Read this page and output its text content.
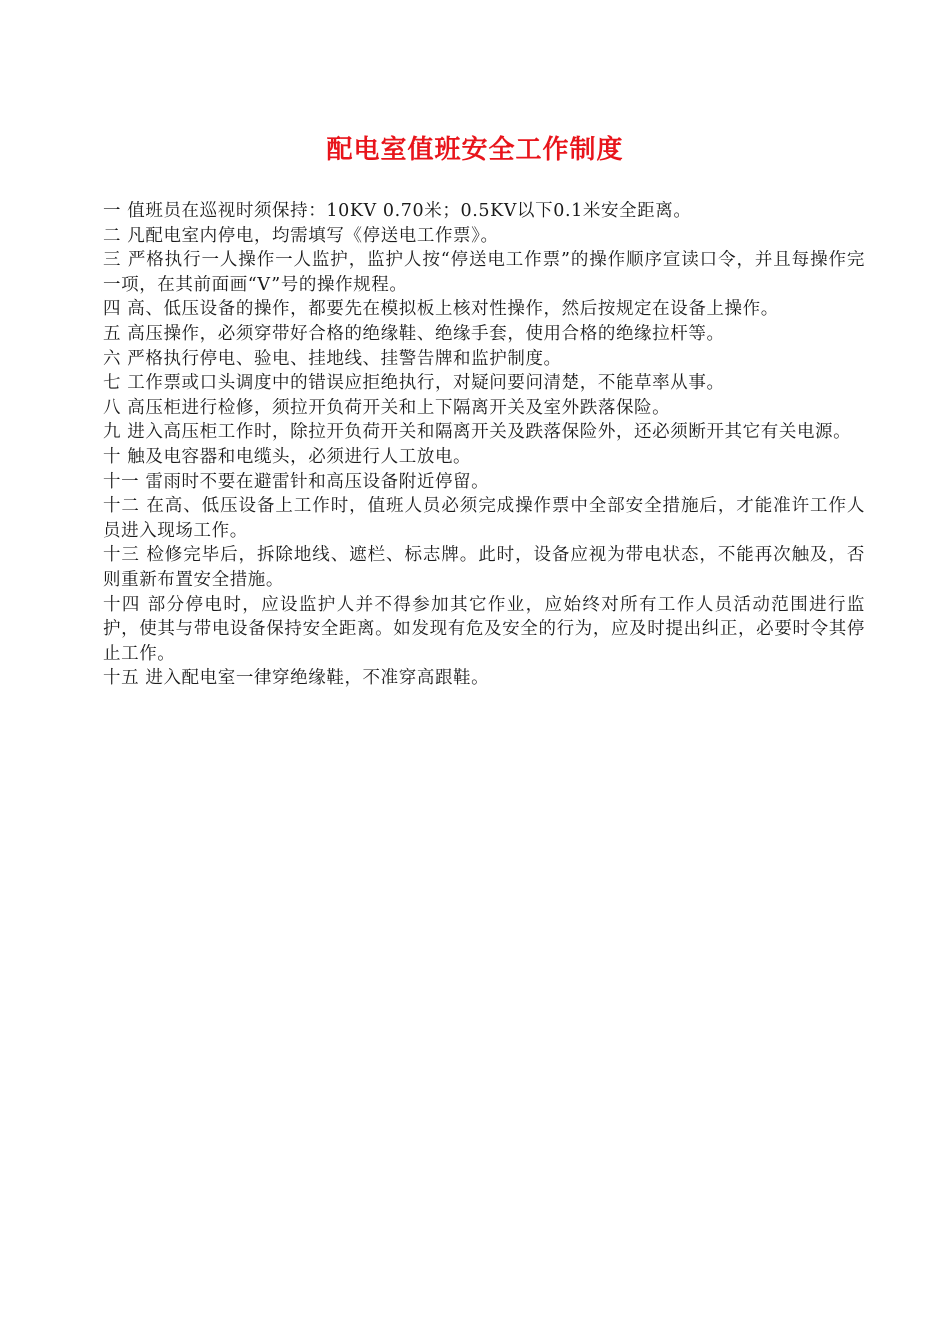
配电室值班安全工作制度

一 值班员在巡视时须保持：10KV 0.70米；0.5KV以下0.1米安全距离。

二 凡配电室内停电，均需填写《停送电工作票》。

三 严格执行一人操作一人监护，监护人按“停送电工作票”的操作顺序宣读口令，并且每操作完一项，在其前面画“V”号的操作规程。

四 高、低压设备的操作，都要先在模拟板上核对性操作，然后按规定在设备上操作。

五 高压操作，必须穿带好合格的绝缘鞋、绝缘手套，使用合格的绝缘拉杆等。

六 严格执行停电、验电、挂地线、挂警告牌和监护制度。

七 工作票或口头调度中的错误应拒绝执行，对疑问要问清楚，不能草率从事。

八 高压柜进行检修，须拉开负荷开关和上下隔离开关及室外跌落保险。

九 进入高压柜工作时，除拉开负荷开关和隔离开关及跌落保险外，还必须断开其它有关电源。

十 触及电容器和电缆头，必须进行人工放电。

十一 雷雨时不要在避雷针和高压设备附近停留。

十二 在高、低压设备上工作时，值班人员必须完成操作票中全部安全措施后，才能准许工作人员进入现场工作。

十三 检修完毕后，拆除地线、遮栏、标志牌。此时，设备应视为带电状态，不能再次触及，否则重新布置安全措施。

十四 部分停电时，应设监护人并不得参加其它作业，应始终对所有工作人员活动范围进行监护，使其与带电设备保持安全距离。如发现有危及安全的行为，应及时提出纠正，必要时令其停止工作。

十五 进入配电室一律穿绝缘鞋，不准穿高跟鞋。
